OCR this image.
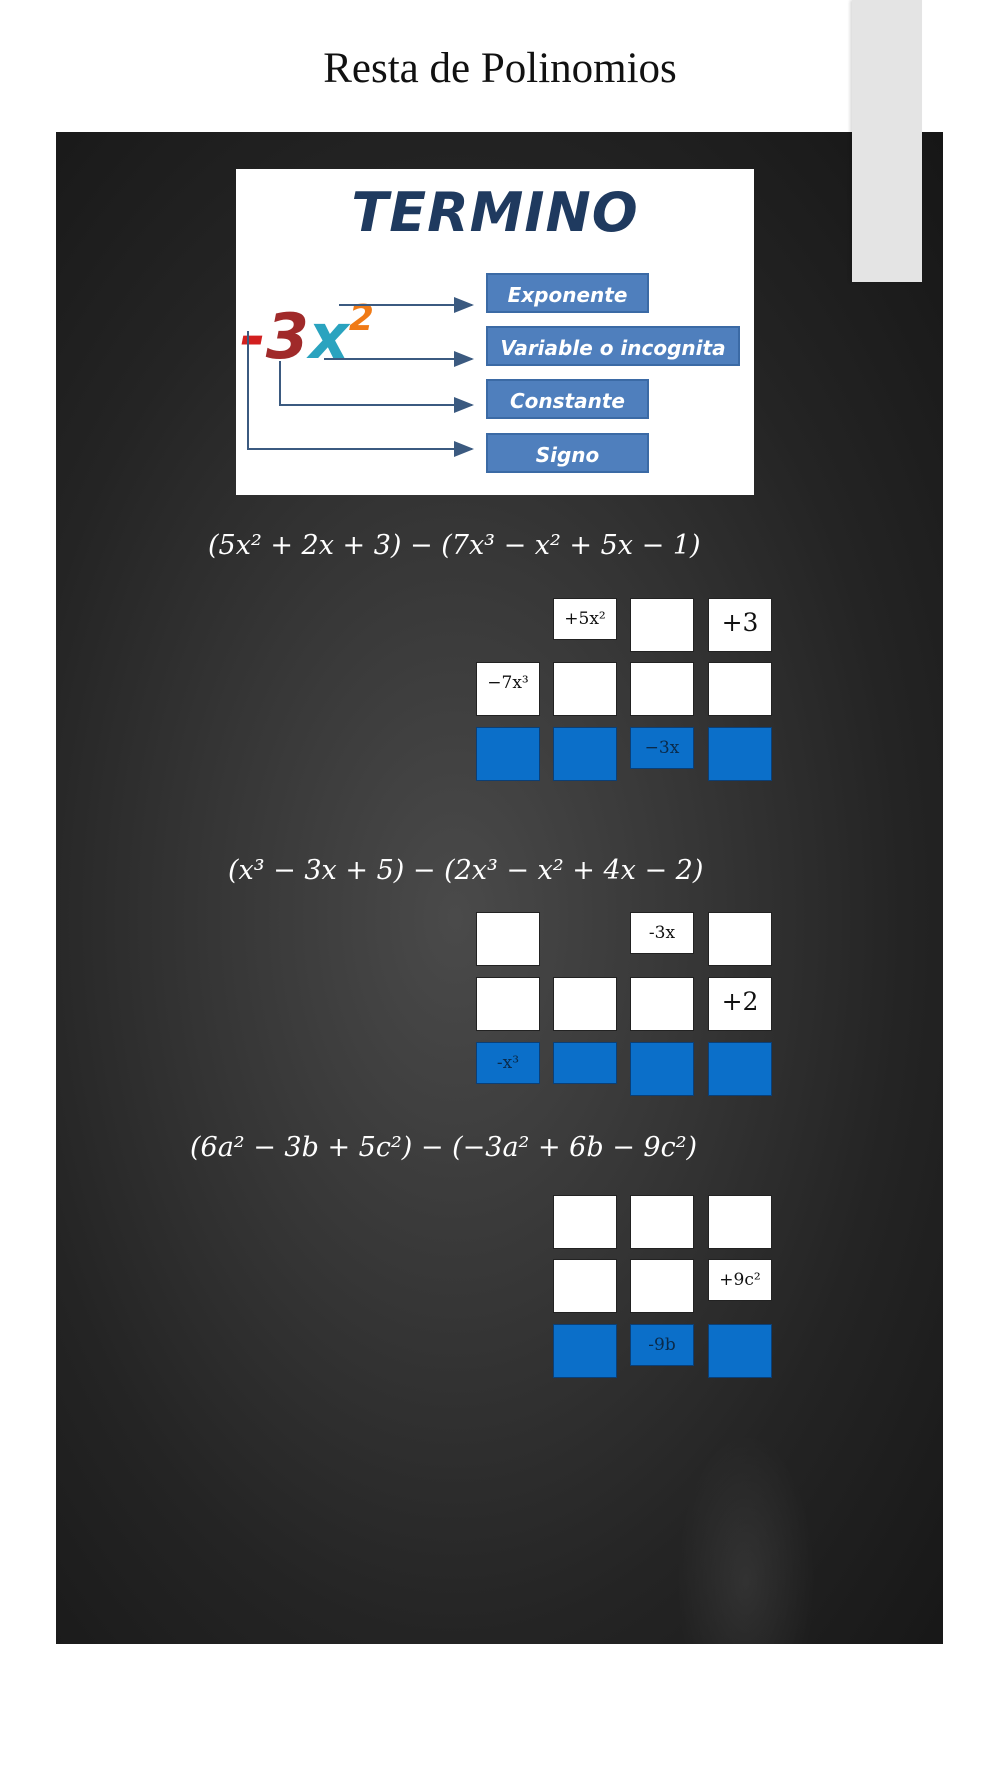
Resta de Polinomios
TERMINO
$-3x^2$
Exponente
Variable o incognita
Constante
Signo
(5x² + 2x + 3) − (7x³ − x² + 5x − 1)
+5x²	+3
−7x³
−3x
(x³ − 3x + 5) − (2x³ − x² + 4x − 2)
-3x
+2
-x³
(6a² − 3b + 5c²) − (−3a² + 6b − 9c²)
+9c²
-9b
